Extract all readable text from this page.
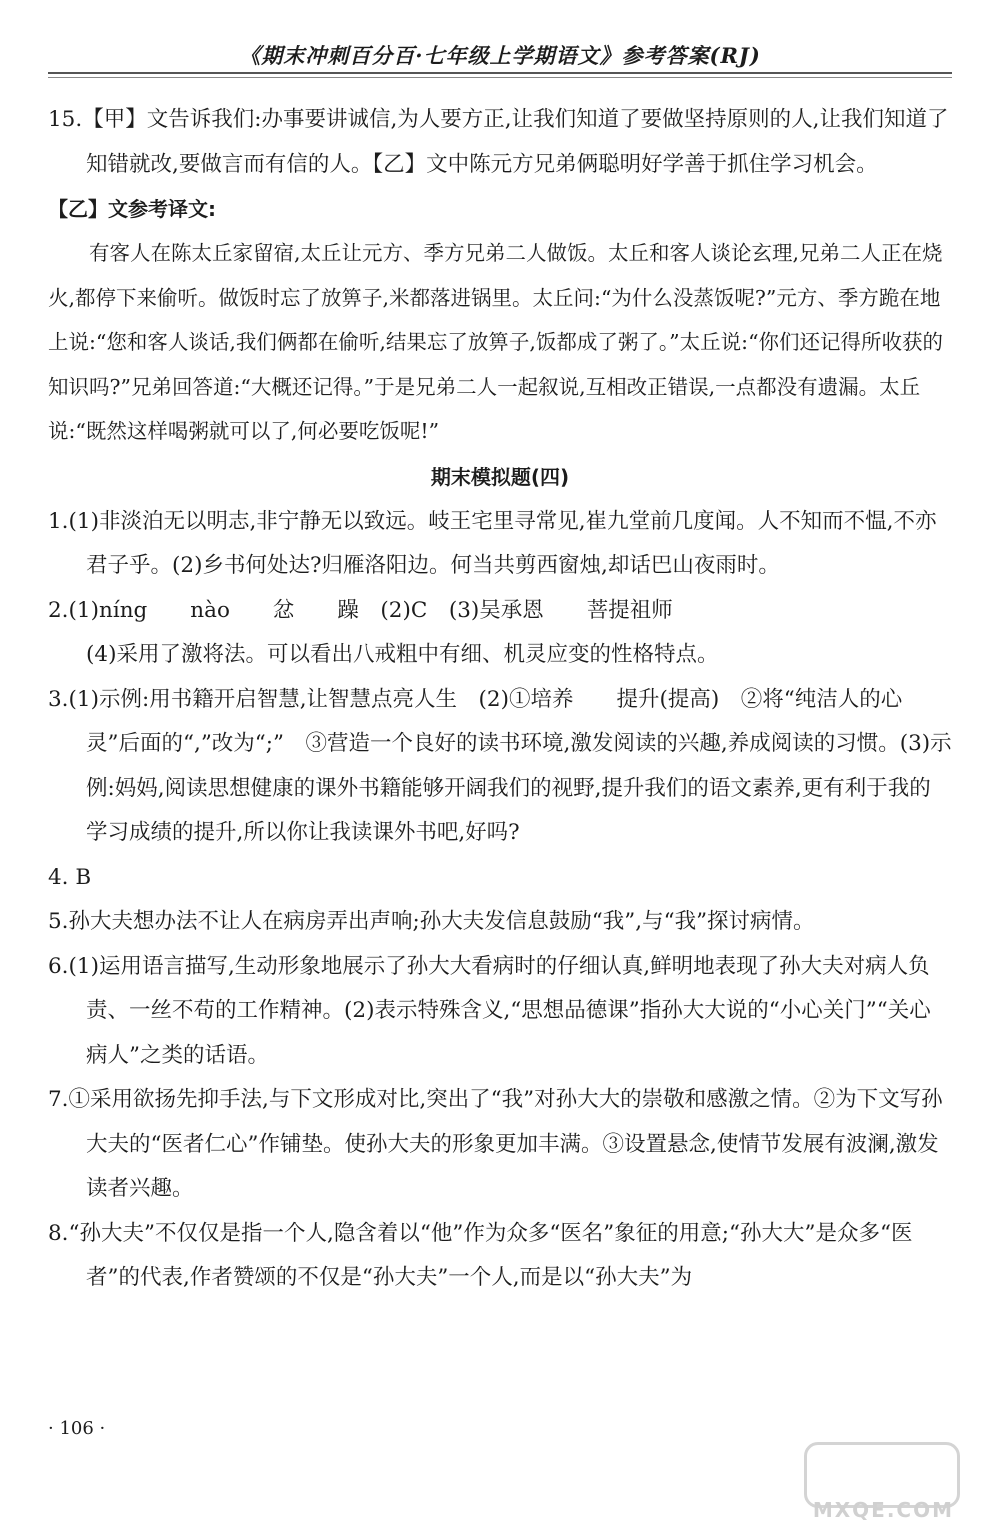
《期末冲刺百分百·七年级上学期语文》参考答案(RJ)

15.【甲】文告诉我们:办事要讲诚信,为人要方正,让我们知道了要做坚持原则的人,让我们知道了知错就改,要做言而有信的人。【乙】文中陈元方兄弟俩聪明好学善于抓住学习机会。

【乙】文参考译文:

有客人在陈太丘家留宿,太丘让元方、季方兄弟二人做饭。太丘和客人谈论玄理,兄弟二人正在烧火,都停下来偷听。做饭时忘了放箅子,米都落进锅里。太丘问:“为什么没蒸饭呢?”元方、季方跪在地上说:“您和客人谈话,我们俩都在偷听,结果忘了放箅子,饭都成了粥了。”太丘说:“你们还记得所收获的知识吗?”兄弟回答道:“大概还记得。”于是兄弟二人一起叙说,互相改正错误,一点都没有遗漏。太丘说:“既然这样喝粥就可以了,何必要吃饭呢!”

期末模拟题(四)

1.(1)非淡泊无以明志,非宁静无以致远。岐王宅里寻常见,崔九堂前几度闻。人不知而不愠,不亦君子乎。(2)乡书何处达?归雁洛阳边。何当共剪西窗烛,却话巴山夜雨时。

2.(1)níng　　nào　　忿　　躁　(2)C　(3)吴承恩　　菩提祖师

(4)采用了激将法。可以看出八戒粗中有细、机灵应变的性格特点。

3.(1)示例:用书籍开启智慧,让智慧点亮人生　(2)①培养　　提升(提高)　②将“纯洁人的心灵”后面的“,”改为“;”　③营造一个良好的读书环境,激发阅读的兴趣,养成阅读的习惯。(3)示例:妈妈,阅读思想健康的课外书籍能够开阔我们的视野,提升我们的语文素养,更有利于我的学习成绩的提升,所以你让我读课外书吧,好吗?

4. B

5.孙大夫想办法不让人在病房弄出声响;孙大夫发信息鼓励“我”,与“我”探讨病情。

6.(1)运用语言描写,生动形象地展示了孙大大看病时的仔细认真,鲜明地表现了孙大夫对病人负责、一丝不苟的工作精神。(2)表示特殊含义,“思想品德课”指孙大大说的“小心关门”“关心病人”之类的话语。

7.①采用欲扬先抑手法,与下文形成对比,突出了“我”对孙大大的崇敬和感激之情。②为下文写孙大夫的“医者仁心”作铺垫。使孙大夫的形象更加丰满。③设置悬念,使情节发展有波澜,激发读者兴趣。

8.“孙大夫”不仅仅是指一个人,隐含着以“他”作为众多“医名”象征的用意;“孙大大”是众多“医者”的代表,作者赞颂的不仅是“孙大夫”一个人,而是以“孙大夫”为

· 106 ·
MXQE.COM
